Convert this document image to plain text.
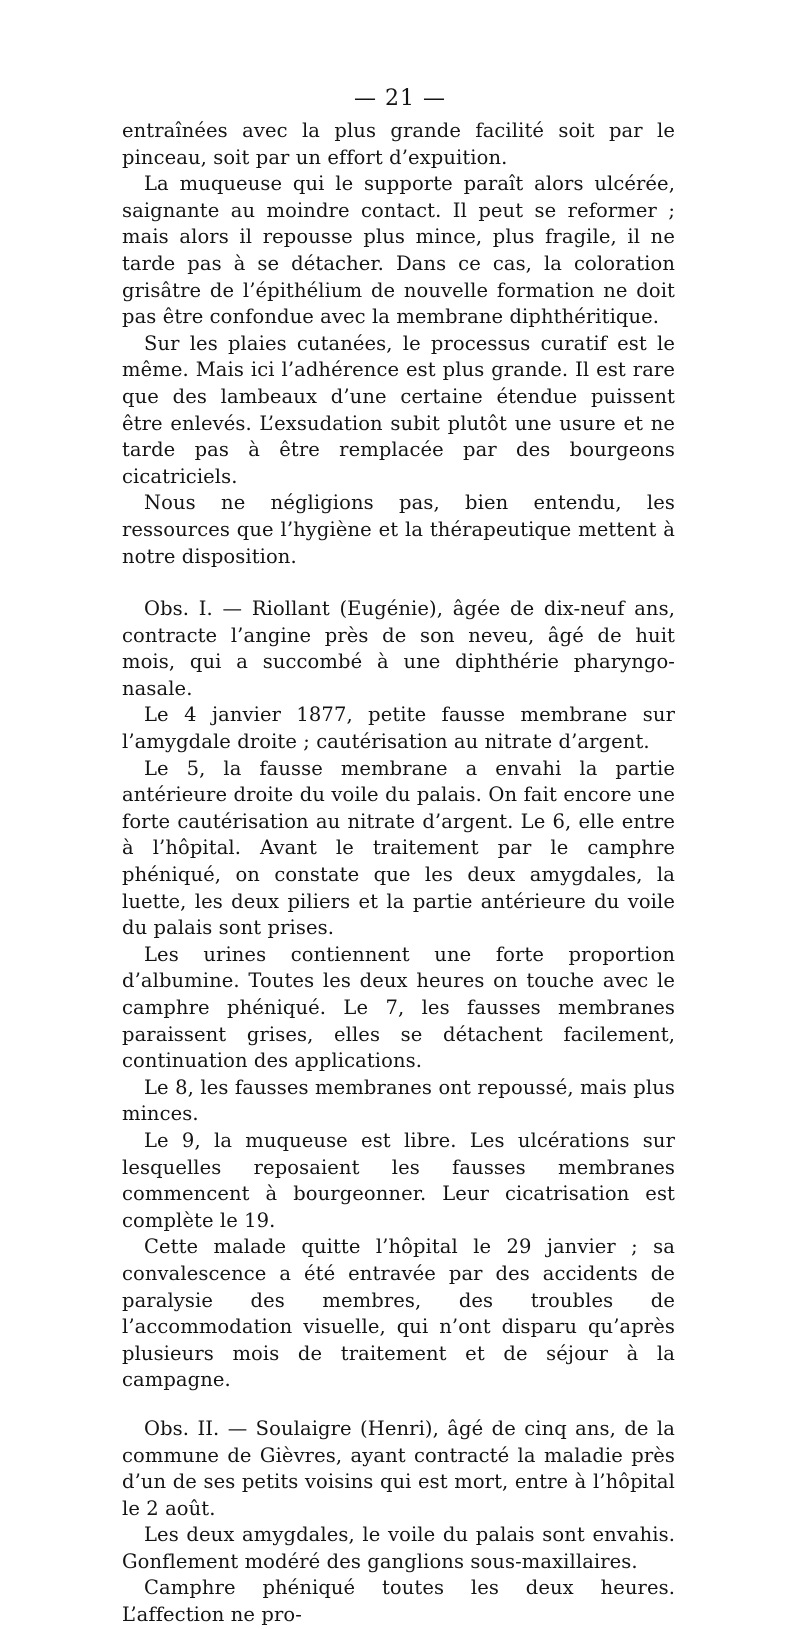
— 21 —

entraînées avec la plus grande facilité soit par le pinceau, soit par un effort d’expuition.

La muqueuse qui le supporte paraît alors ulcérée, saignante au moindre contact. Il peut se reformer ; mais alors il repousse plus mince, plus fragile, il ne tarde pas à se détacher. Dans ce cas, la coloration grisâtre de l’épithélium de nouvelle formation ne doit pas être confondue avec la membrane diphthéritique.

Sur les plaies cutanées, le processus curatif est le même. Mais ici l’adhérence est plus grande. Il est rare que des lambeaux d’une certaine étendue puissent être enlevés. L’exsudation subit plutôt une usure et ne tarde pas à être remplacée par des bourgeons cicatriciels.

Nous ne négligions pas, bien entendu, les ressources que l’hygiène et la thérapeutique mettent à notre disposition.

Obs. I. — Riollant (Eugénie), âgée de dix-neuf ans, contracte l’angine près de son neveu, âgé de huit mois, qui a succombé à une diphthérie pharyngo-nasale.

Le 4 janvier 1877, petite fausse membrane sur l’amygdale droite ; cautérisation au nitrate d’argent.

Le 5, la fausse membrane a envahi la partie antérieure droite du voile du palais. On fait encore une forte cautérisation au nitrate d’argent. Le 6, elle entre à l’hôpital. Avant le traitement par le camphre phéniqué, on constate que les deux amygdales, la luette, les deux piliers et la partie antérieure du voile du palais sont prises.

Les urines contiennent une forte proportion d’albumine. Toutes les deux heures on touche avec le camphre phéniqué. Le 7, les fausses membranes paraissent grises, elles se détachent facilement, continuation des applications.

Le 8, les fausses membranes ont repoussé, mais plus minces.

Le 9, la muqueuse est libre. Les ulcérations sur lesquelles reposaient les fausses membranes commencent à bourgeonner. Leur cicatrisation est complète le 19.

Cette malade quitte l’hôpital le 29 janvier ; sa convalescence a été entravée par des accidents de paralysie des membres, des troubles de l’accommodation visuelle, qui n’ont disparu qu’après plusieurs mois de traitement et de séjour à la campagne.

Obs. II. — Soulaigre (Henri), âgé de cinq ans, de la commune de Gièvres, ayant contracté la maladie près d’un de ses petits voisins qui est mort, entre à l’hôpital le 2 août.

Les deux amygdales, le voile du palais sont envahis. Gonflement modéré des ganglions sous-maxillaires.

Camphre phéniqué toutes les deux heures. L’affection ne pro-
